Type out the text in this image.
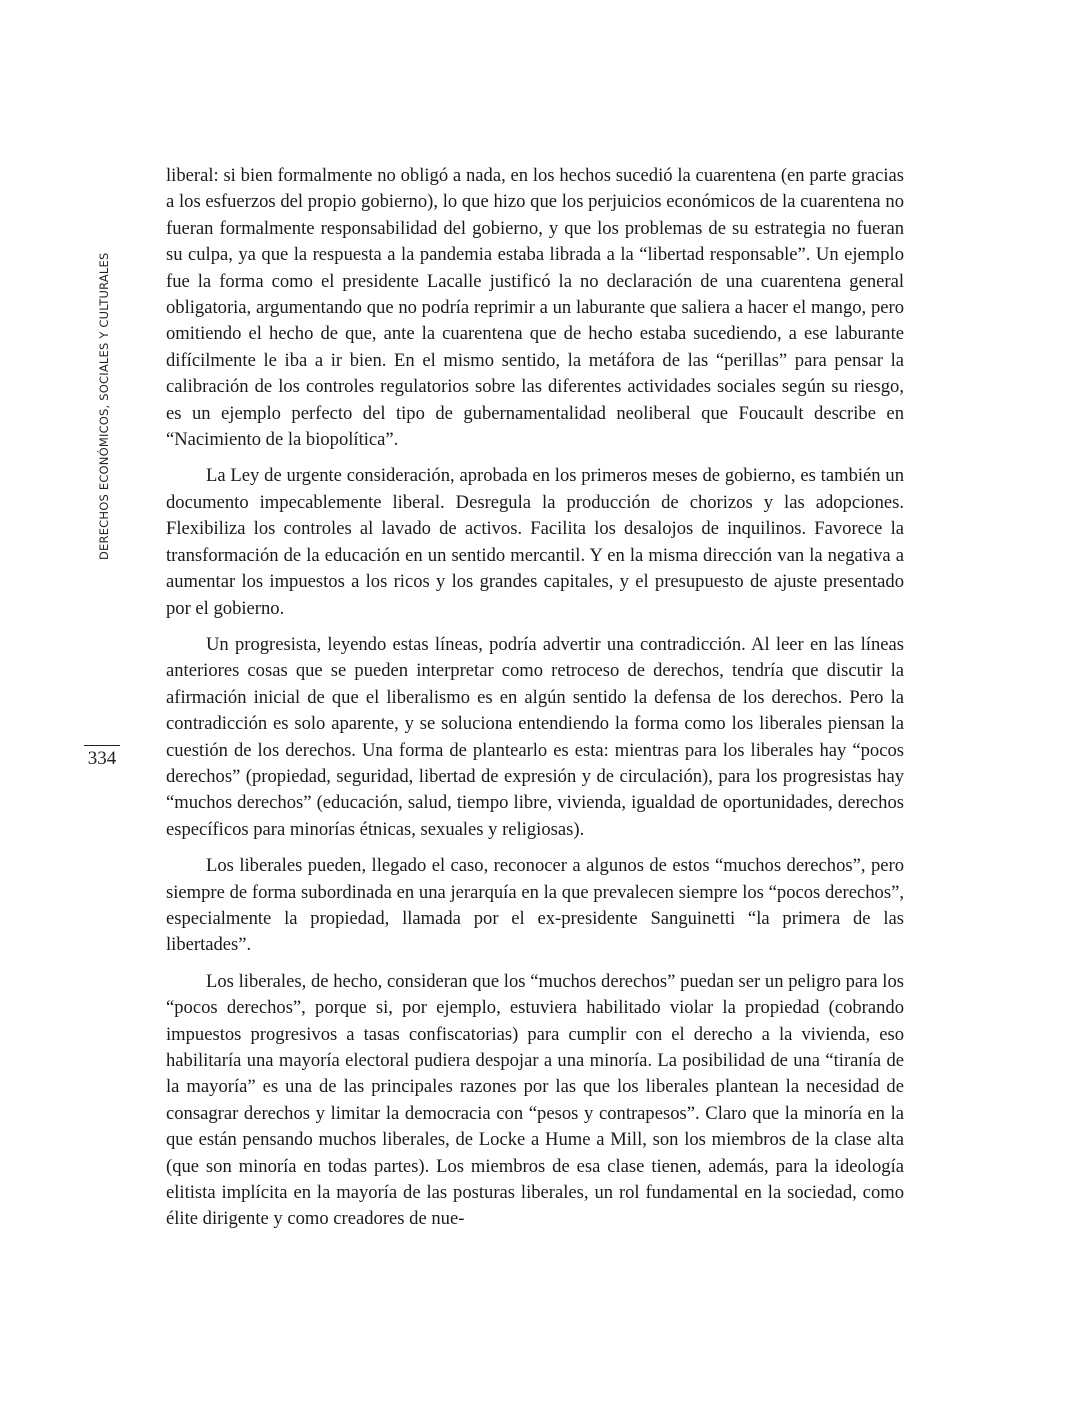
DERECHOS ECONÓMICOS, SOCIALES Y CULTURALES
334

liberal: si bien formalmente no obligó a nada, en los hechos sucedió la cuarentena (en parte gracias a los esfuerzos del propio gobierno), lo que hizo que los perjuicios económicos de la cuarentena no fueran formalmente responsabilidad del gobierno, y que los problemas de su estrategia no fueran su culpa, ya que la respuesta a la pandemia estaba librada a la “libertad responsable”. Un ejemplo fue la forma como el presidente Lacalle justificó la no declaración de una cuarentena general obligatoria, argumentando que no podría reprimir a un laburante que saliera a hacer el mango, pero omitiendo el hecho de que, ante la cuarentena que de hecho estaba sucediendo, a ese laburante difícilmente le iba a ir bien. En el mismo sentido, la metáfora de las “perillas” para pensar la calibración de los controles regulatorios sobre las diferentes actividades sociales según su riesgo, es un ejemplo perfecto del tipo de gubernamentalidad neoliberal que Foucault describe en “Nacimiento de la biopolítica”.

La Ley de urgente consideración, aprobada en los primeros meses de gobierno, es también un documento impecablemente liberal. Desregula la producción de chorizos y las adopciones. Flexibiliza los controles al lavado de activos. Facilita los desalojos de inquilinos. Favorece la transformación de la educación en un sentido mercantil. Y en la misma dirección van la negativa a aumentar los impuestos a los ricos y los grandes capitales, y el presupuesto de ajuste presentado por el gobierno.

Un progresista, leyendo estas líneas, podría advertir una contradicción. Al leer en las líneas anteriores cosas que se pueden interpretar como retroceso de derechos, tendría que discutir la afirmación inicial de que el liberalismo es en algún sentido la defensa de los derechos. Pero la contradicción es solo aparente, y se soluciona entendiendo la forma como los liberales piensan la cuestión de los derechos. Una forma de plantearlo es esta: mientras para los liberales hay “pocos derechos” (propiedad, seguridad, libertad de expresión y de circulación), para los progresistas hay “muchos derechos” (educación, salud, tiempo libre, vivienda, igualdad de oportunidades, derechos específicos para minorías étnicas, sexuales y religiosas).

Los liberales pueden, llegado el caso, reconocer a algunos de estos “muchos derechos”, pero siempre de forma subordinada en una jerarquía en la que prevalecen siempre los “pocos derechos”, especialmente la propiedad, llamada por el ex-presidente Sanguinetti “la primera de las libertades”.

Los liberales, de hecho, consideran que los “muchos derechos” puedan ser un peligro para los “pocos derechos”, porque si, por ejemplo, estuviera habilitado violar la propiedad (cobrando impuestos progresivos a tasas confiscatorias) para cumplir con el derecho a la vivienda, eso habilitaría una mayoría electoral pudiera despojar a una minoría. La posibilidad de una “tiranía de la mayoría” es una de las principales razones por las que los liberales plantean la necesidad de consagrar derechos y limitar la democracia con “pesos y contrapesos”. Claro que la minoría en la que están pensando muchos liberales, de Locke a Hume a Mill, son los miembros de la clase alta (que son minoría en todas partes). Los miembros de esa clase tienen, además, para la ideología elitista implícita en la mayoría de las posturas liberales, un rol fundamental en la sociedad, como élite dirigente y como creadores de nue-
